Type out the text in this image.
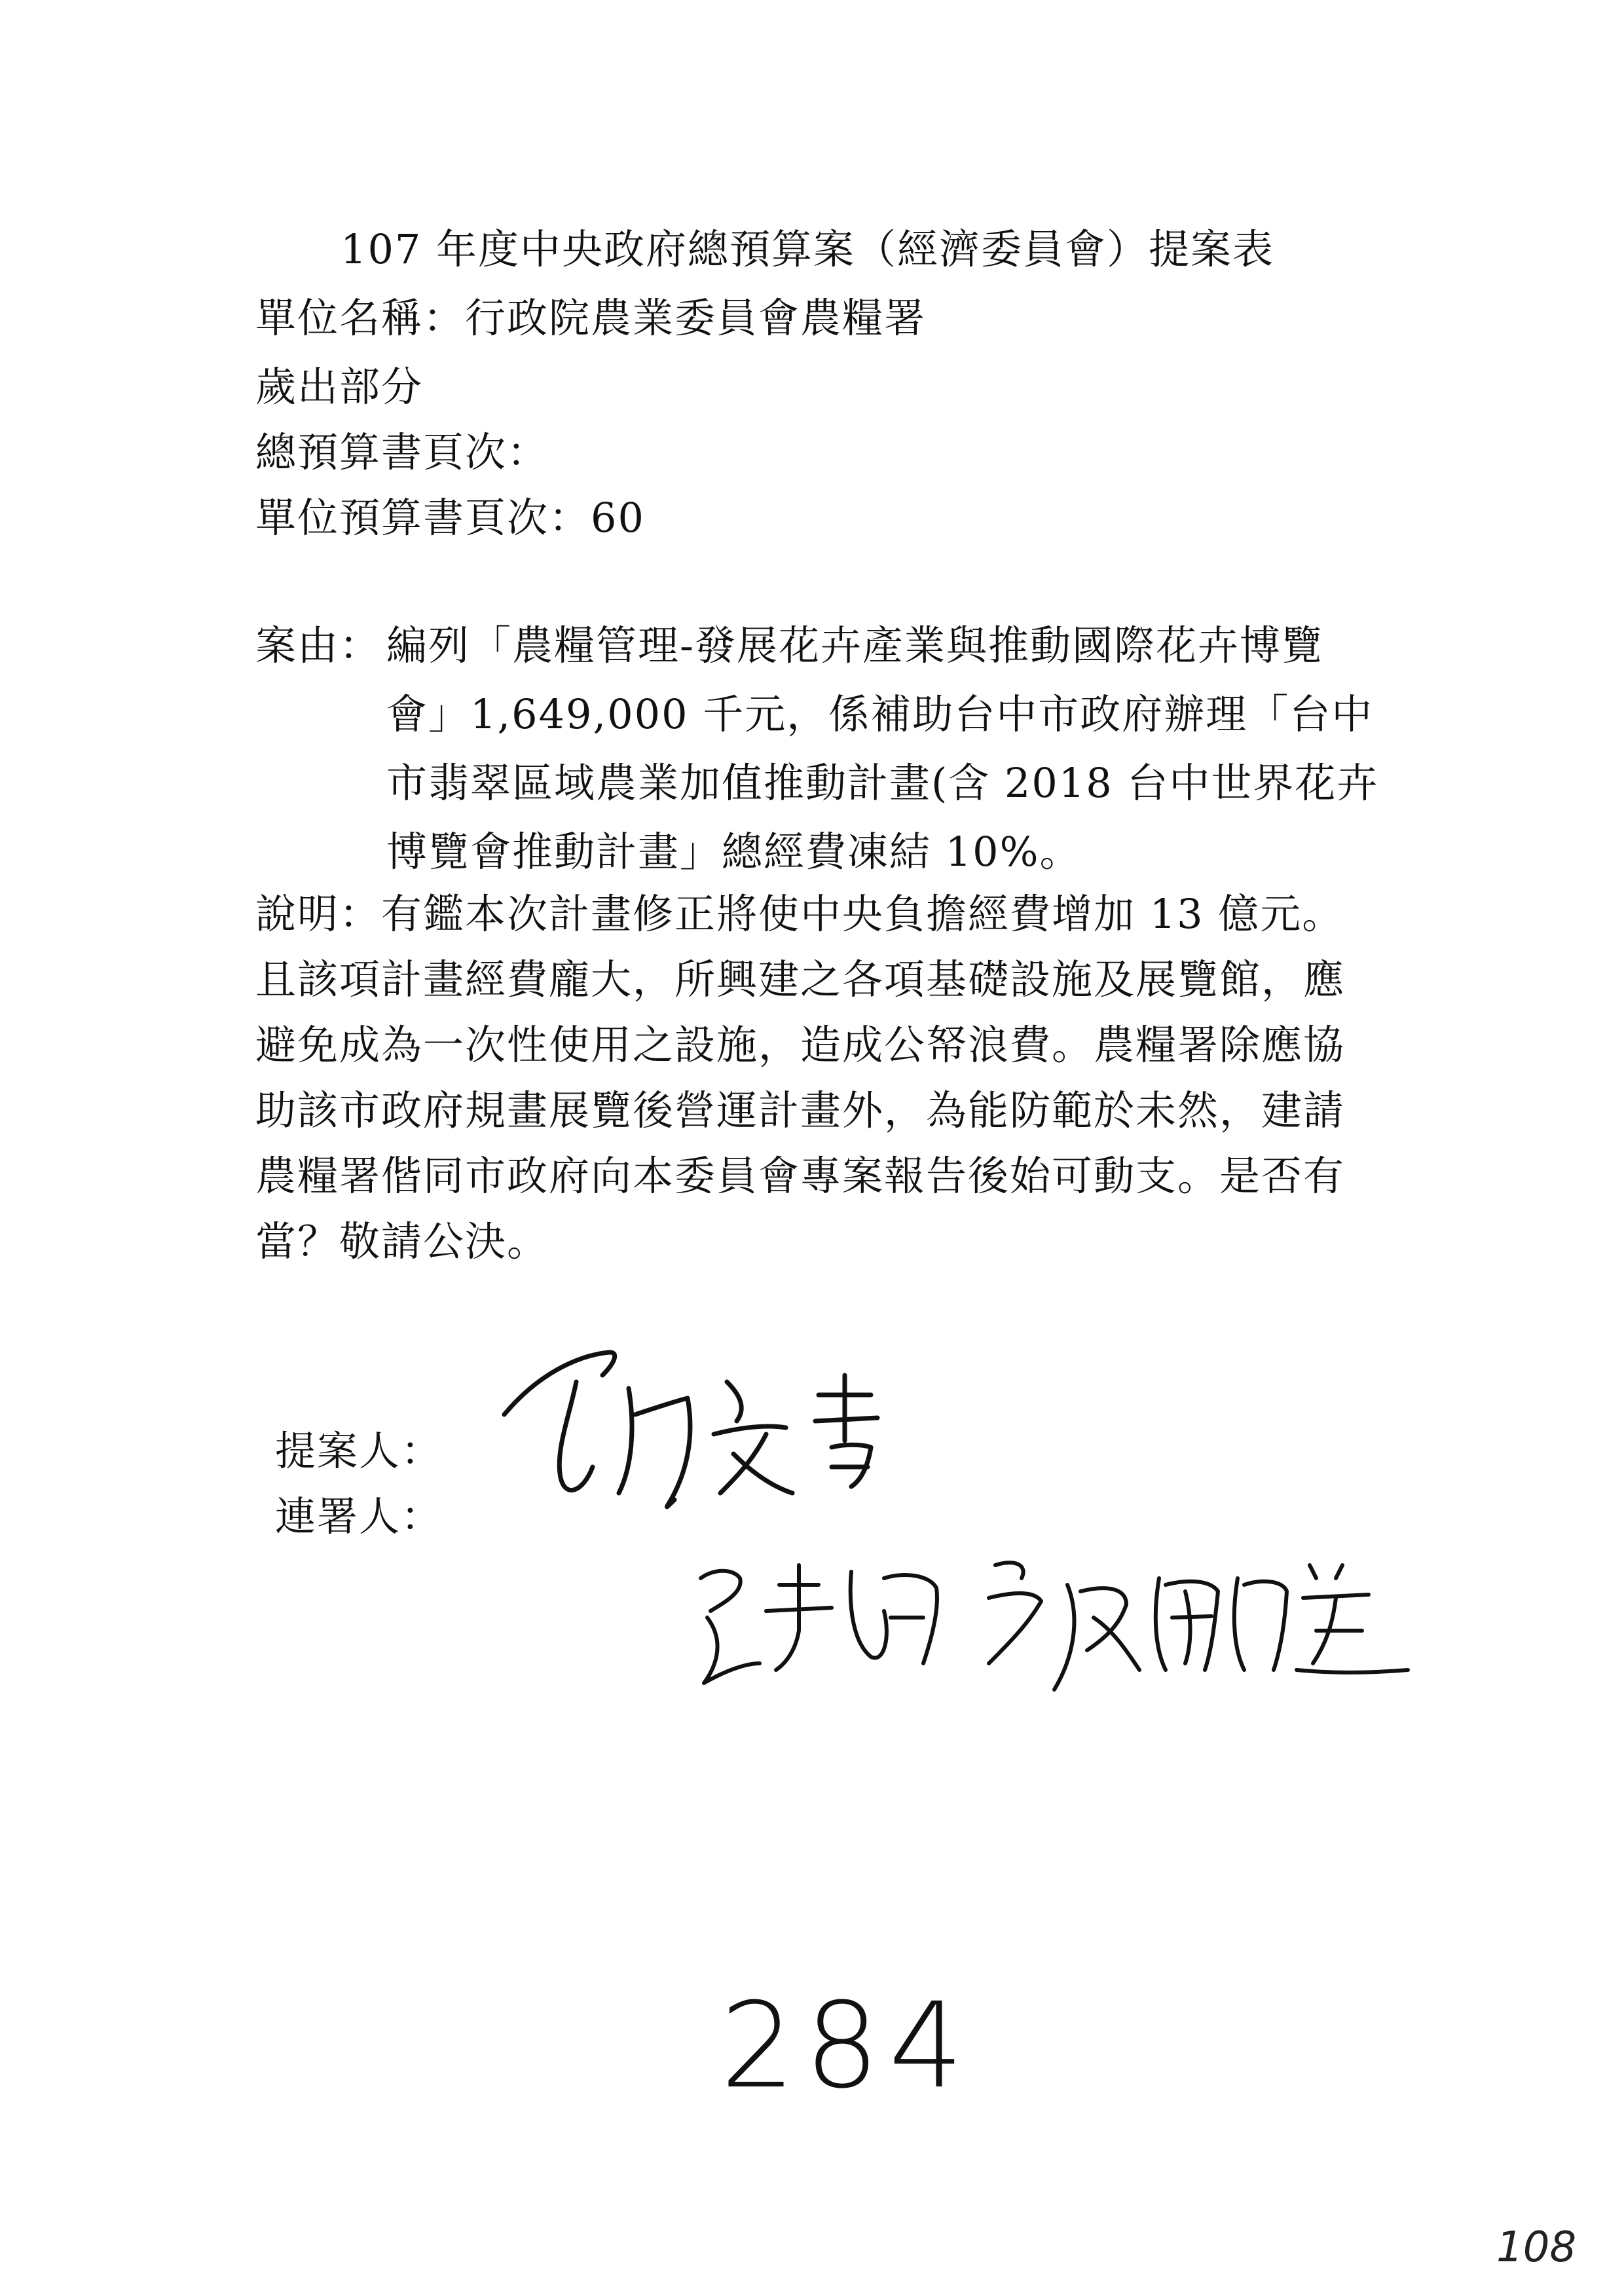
107 年度中央政府總預算案（經濟委員會）提案表
單位名稱：行政院農業委員會農糧署
歲出部分
總預算書頁次：
單位預算書頁次：60
案由： 編列「農糧管理-發展花卉產業與推動國際花卉博覽
會」1,649,000 千元，係補助台中市政府辦理「台中
市翡翠區域農業加值推動計畫(含 2018 台中世界花卉
博覽會推動計畫」總經費凍結 10%。
說明：有鑑本次計畫修正將使中央負擔經費增加 13 億元。
且該項計畫經費龐大，所興建之各項基礎設施及展覽館，應
避免成為一次性使用之設施，造成公帑浪費。農糧署除應協
助該市政府規畫展覽後營運計畫外，為能防範於未然，建請
農糧署偕同市政府向本委員會專案報告後始可動支。是否有
當？敬請公決。
提案人：
連署人：
284
108
